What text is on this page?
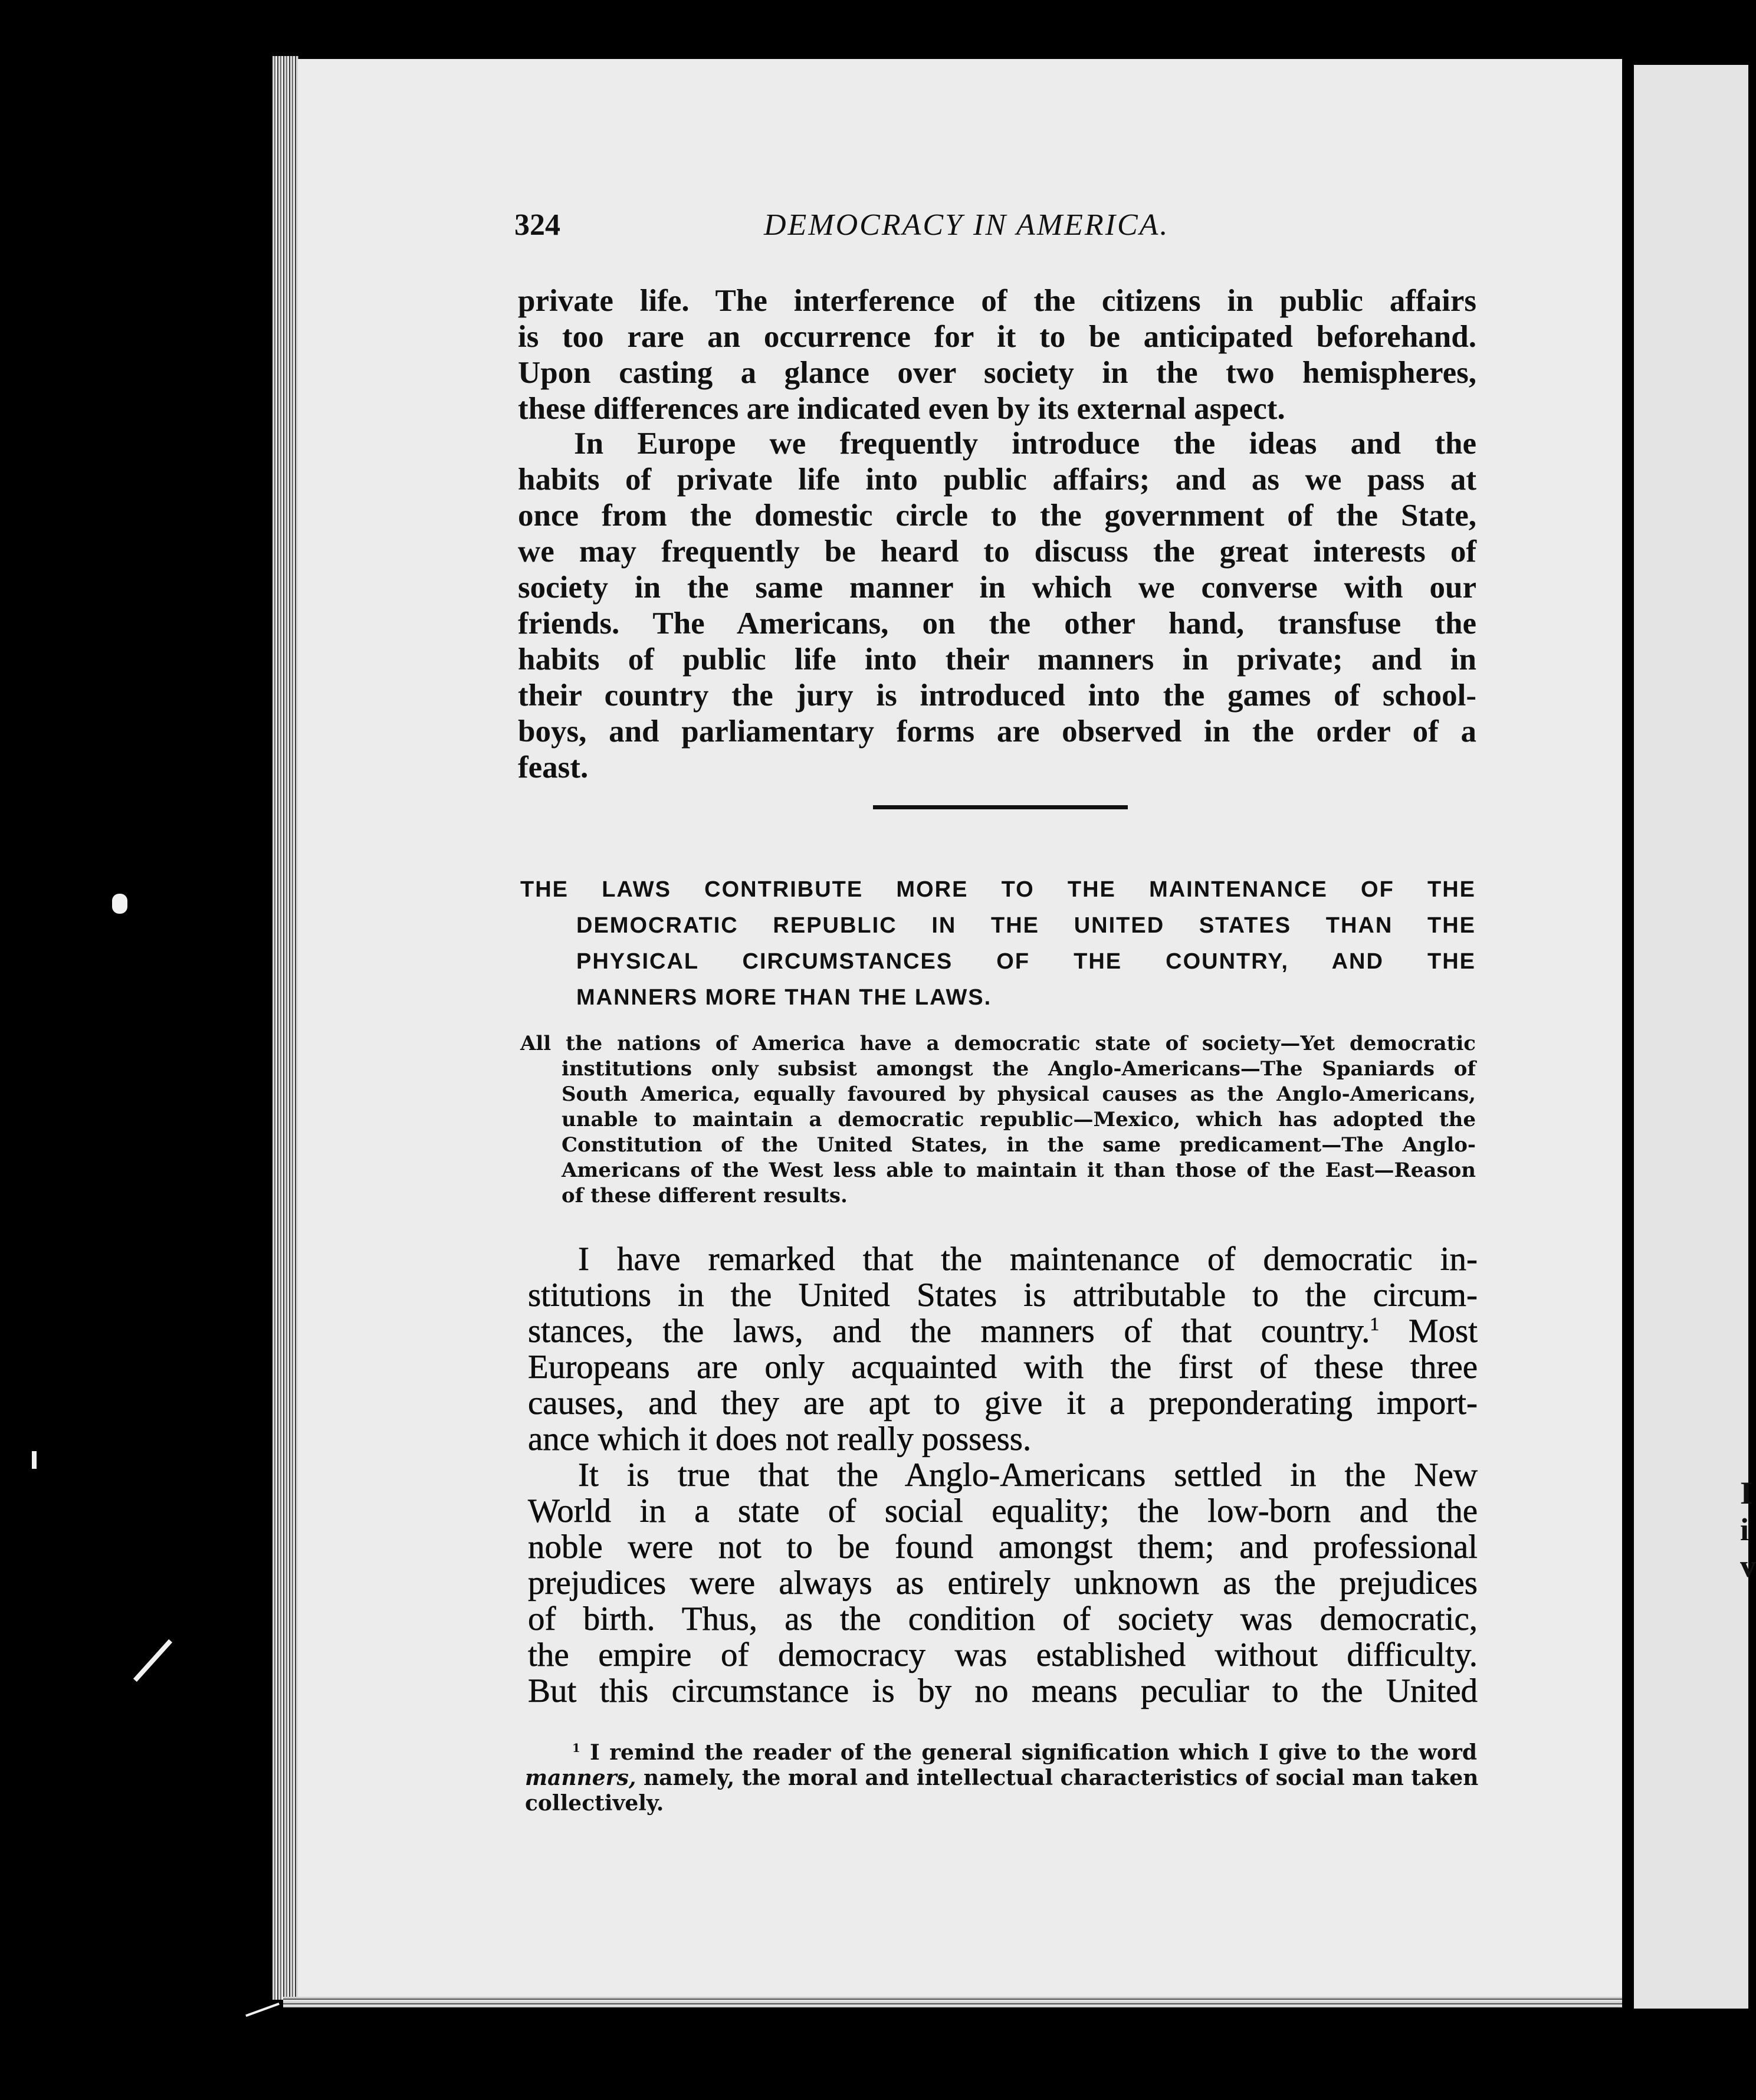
I
i
v
324	DEMOCRACY IN AMERICA.
private life. The interference of the citizens in public affairs
is too rare an occurrence for it to be anticipated beforehand.
Upon casting a glance over society in the two hemispheres,
these differences are indicated even by its external aspect.
In Europe we frequently introduce the ideas and the
habits of private life into public affairs; and as we pass at
once from the domestic circle to the government of the State,
we may frequently be heard to discuss the great interests of
society in the same manner in which we converse with our
friends. The Americans, on the other hand, transfuse the
habits of public life into their manners in private; and in
their country the jury is introduced into the games of school-
boys, and parliamentary forms are observed in the order of a
feast.
THE LAWS CONTRIBUTE MORE TO THE MAINTENANCE OF THE
DEMOCRATIC REPUBLIC IN THE UNITED STATES THAN THE
PHYSICAL CIRCUMSTANCES OF THE COUNTRY, AND THE
MANNERS MORE THAN THE LAWS.
All the nations of America have a democratic state of society—Yet democratic
institutions only subsist amongst the Anglo-Americans—The Spaniards of
South America, equally favoured by physical causes as the Anglo-Americans,
unable to maintain a democratic republic—Mexico, which has adopted the
Constitution of the United States, in the same predicament—The Anglo-
Americans of the West less able to maintain it than those of the East—Reason
of these different results.
I have remarked that the maintenance of democratic in-
stitutions in the United States is attributable to the circum-
stances, the laws, and the manners of that country.$^1$ Most
Europeans are only acquainted with the first of these three
causes, and they are apt to give it a preponderating import-
ance which it does not really possess.
It is true that the Anglo-Americans settled in the New
World in a state of social equality; the low-born and the
noble were not to be found amongst them; and professional
prejudices were always as entirely unknown as the prejudices
of birth. Thus, as the condition of society was democratic,
the empire of democracy was established without difficulty.
But this circumstance is by no means peculiar to the United
$^1$ I remind the reader of the general signification which I give to the word
manners, namely, the moral and intellectual characteristics of social man taken
collectively.
